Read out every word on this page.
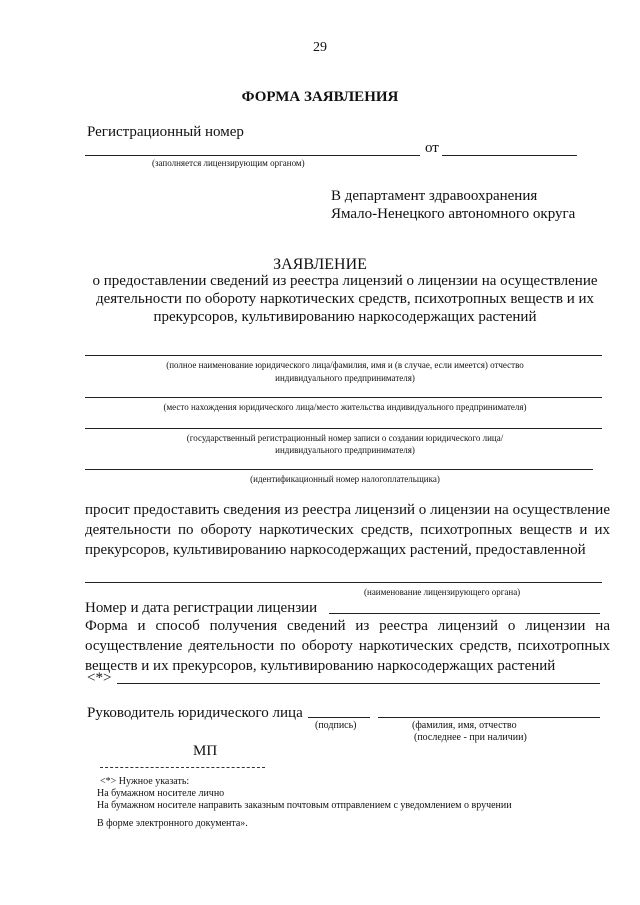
29
ФОРМА ЗАЯВЛЕНИЯ
Регистрационный номер
от
(заполняется лицензирующим органом)
В департамент здравоохранения
Ямало-Ненецкого автономного округа
ЗАЯВЛЕНИЕ
о предоставлении сведений из реестра лицензий о лицензии на осуществление
деятельности по обороту наркотических средств, психотропных веществ и их
прекурсоров, культивированию наркосодержащих растений
(полное наименование юридического лица/фамилия, имя и (в случае, если имеется) отчество
индивидуального предпринимателя)
(место нахождения юридического лица/место жительства индивидуального предпринимателя)
(государственный регистрационный номер записи о создании юридического лица/
индивидуального предпринимателя)
(идентификационный номер налогоплательщика)
просит предоставить сведения из реестра лицензий о лицензии на осуществление деятельности по обороту наркотических средств, психотропных веществ и их прекурсоров, культивированию наркосодержащих растений, предоставленной
(наименование лицензирующего органа)
Номер и дата регистрации лицензии
Форма и способ получения сведений из реестра лицензий о лицензии на осуществление деятельности по обороту наркотических средств, психотропных веществ и их прекурсоров, культивированию наркосодержащих растений
<*>
Руководитель юридического лица
(подпись)	(фамилия, имя, отчество
(последнее - при наличии)
МП
<*> Нужное указать:
На бумажном носителе лично
На бумажном носителе направить заказным почтовым отправлением с уведомлением о вручении
В форме электронного документа».
